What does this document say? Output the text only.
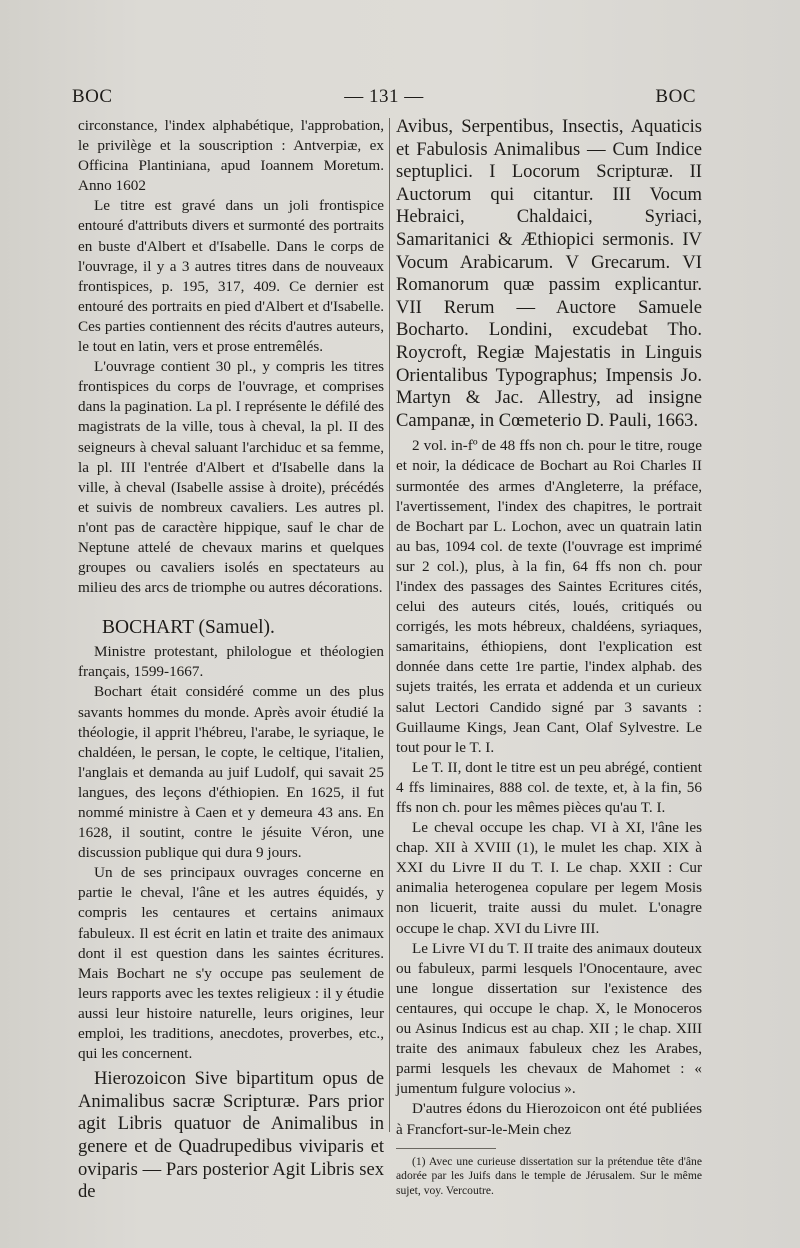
BOC	— 131 —	BOC

circonstance, l'index alphabétique, l'approbation, le privilège et la souscription : Antverpiæ, ex Officina Plantiniana, apud Ioannem Moretum. Anno 1602

Le titre est gravé dans un joli frontispice entouré d'attributs divers et surmonté des portraits en buste d'Albert et d'Isabelle. Dans le corps de l'ouvrage, il y a 3 autres titres dans de nouveaux frontispices, p. 195, 317, 409. Ce dernier est entouré des portraits en pied d'Albert et d'Isabelle. Ces parties contiennent des récits d'autres auteurs, le tout en latin, vers et prose entremêlés.

L'ouvrage contient 30 pl., y compris les titres frontispices du corps de l'ouvrage, et comprises dans la pagination. La pl. I représente le défilé des magistrats de la ville, tous à cheval, la pl. II des seigneurs à cheval saluant l'archiduc et sa femme, la pl. III l'entrée d'Albert et d'Isabelle dans la ville, à cheval (Isabelle assise à droite), précédés et suivis de nombreux cavaliers. Les autres pl. n'ont pas de caractère hippique, sauf le char de Neptune attelé de chevaux marins et quelques groupes ou cavaliers isolés en spectateurs au milieu des arcs de triomphe ou autres décorations.

BOCHART (Samuel).

Ministre protestant, philologue et théologien français, 1599-1667.

Bochart était considéré comme un des plus savants hommes du monde. Après avoir étudié la théologie, il apprit l'hébreu, l'arabe, le syriaque, le chaldéen, le persan, le copte, le celtique, l'italien, l'anglais et demanda au juif Ludolf, qui savait 25 langues, des leçons d'éthiopien. En 1625, il fut nommé ministre à Caen et y demeura 43 ans. En 1628, il soutint, contre le jésuite Véron, une discussion publique qui dura 9 jours.

Un de ses principaux ouvrages concerne en partie le cheval, l'âne et les autres équidés, y compris les centaures et certains animaux fabuleux. Il est écrit en latin et traite des animaux dont il est question dans les saintes écritures. Mais Bochart ne s'y occupe pas seulement de leurs rapports avec les textes religieux : il y étudie aussi leur histoire naturelle, leurs origines, leur emploi, les traditions, anecdotes, proverbes, etc., qui les concernent.

Hierozoicon Sive bipartitum opus de Animalibus sacræ Scripturæ. Pars prior agit Libris quatuor de Animalibus in genere et de Quadrupedibus viviparis et oviparis — Pars posterior Agit Libris sex de

Avibus, Serpentibus, Insectis, Aquaticis et Fabulosis Animalibus — Cum Indice septuplici. I Locorum Scripturæ. II Auctorum qui citantur. III Vocum Hebraici, Chaldaici, Syriaci, Samaritanici & Æthiopici sermonis. IV Vocum Arabicarum. V Grecarum. VI Romanorum quæ passim explicantur. VII Rerum — Auctore Samuele Bocharto. Londini, excudebat Tho. Roycroft, Regiæ Majestatis in Linguis Orientalibus Typographus; Impensis Jo. Martyn & Jac. Allestry, ad insigne Campanæ, in Cœmeterio D. Pauli, 1663.

2 vol. in-fº de 48 ffs non ch. pour le titre, rouge et noir, la dédicace de Bochart au Roi Charles II surmontée des armes d'Angleterre, la préface, l'avertissement, l'index des chapitres, le portrait de Bochart par L. Lochon, avec un quatrain latin au bas, 1094 col. de texte (l'ouvrage est imprimé sur 2 col.), plus, à la fin, 64 ffs non ch. pour l'index des passages des Saintes Ecritures cités, celui des auteurs cités, loués, critiqués ou corrigés, les mots hébreux, chaldéens, syriaques, samaritains, éthiopiens, dont l'explication est donnée dans cette 1re partie, l'index alphab. des sujets traités, les errata et addenda et un curieux salut Lectori Candido signé par 3 savants : Guillaume Kings, Jean Cant, Olaf Sylvestre. Le tout pour le T. I.

Le T. II, dont le titre est un peu abrégé, contient 4 ffs liminaires, 888 col. de texte, et, à la fin, 56 ffs non ch. pour les mêmes pièces qu'au T. I.

Le cheval occupe les chap. VI à XI, l'âne les chap. XII à XVIII (1), le mulet les chap. XIX à XXI du Livre II du T. I. Le chap. XXII : Cur animalia heterogenea copulare per legem Mosis non licuerit, traite aussi du mulet. L'onagre occupe le chap. XVI du Livre III.

Le Livre VI du T. II traite des animaux douteux ou fabuleux, parmi lesquels l'Onocentaure, avec une longue dissertation sur l'existence des centaures, qui occupe le chap. X, le Monoceros ou Asinus Indicus est au chap. XII ; le chap. XIII traite des animaux fabuleux chez les Arabes, parmi lesquels les chevaux de Mahomet : « jumentum fulgure volocius ».

D'autres édons du Hierozoicon ont été publiées à Francfort-sur-le-Mein chez

(1) Avec une curieuse dissertation sur la prétendue tête d'âne adorée par les Juifs dans le temple de Jérusalem. Sur le même sujet, voy. Vercoutre.
